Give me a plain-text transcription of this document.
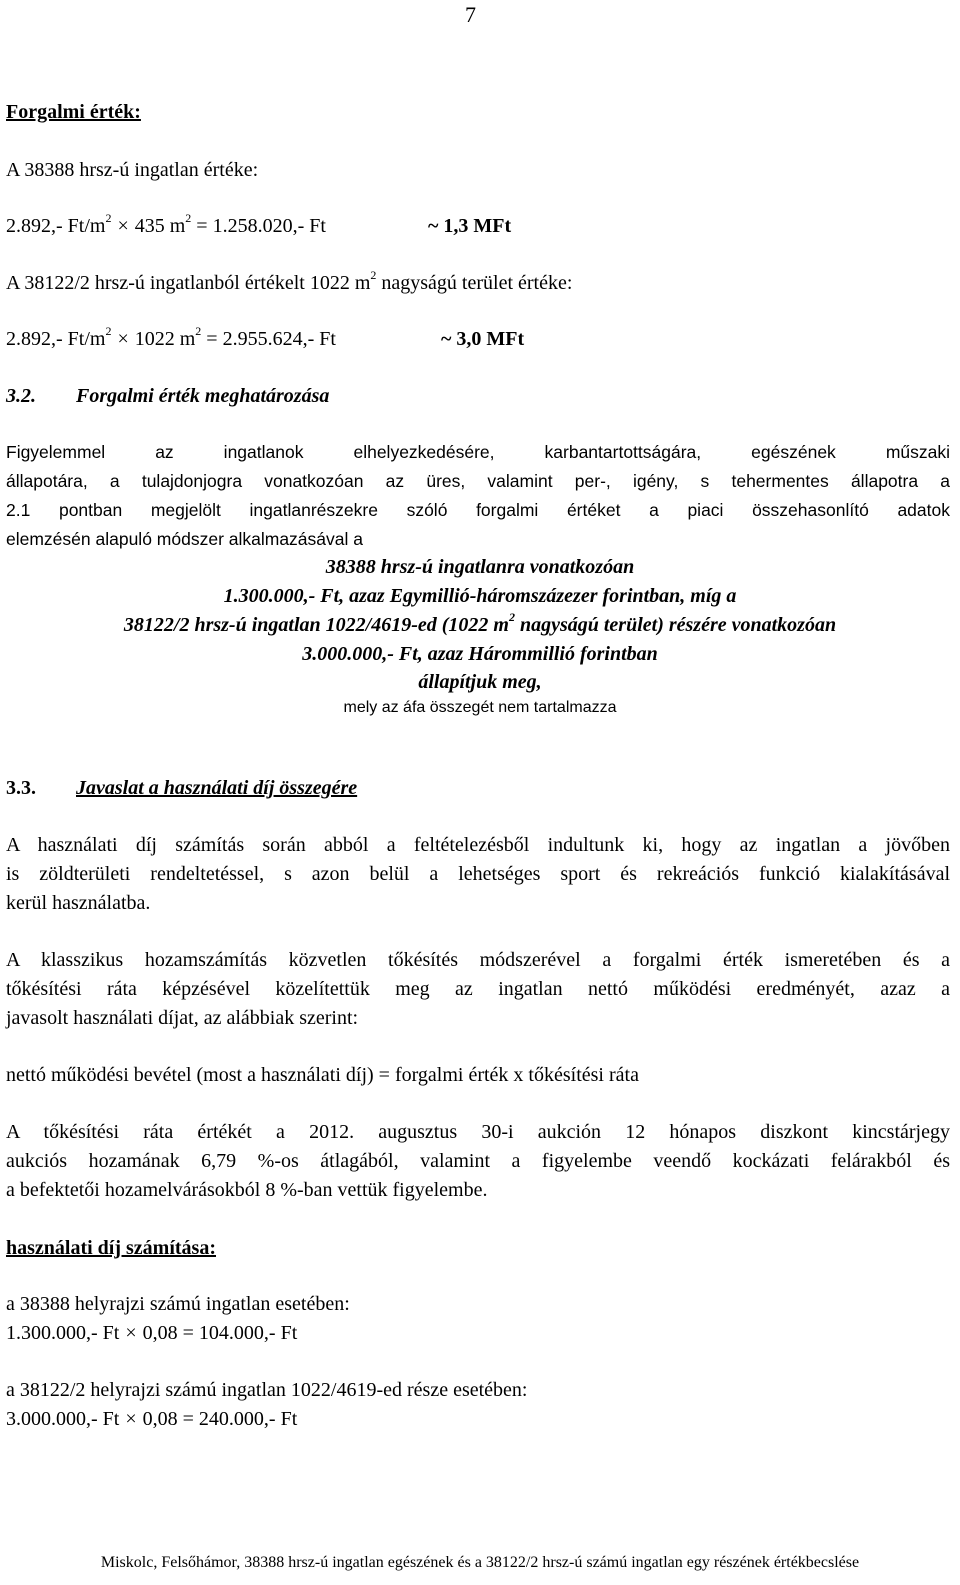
7
Forgalmi érték:
A 38388 hrsz-ú ingatlan értéke:
2.892,- $Ft/m^2 \times 435$ $m^2 = 1.258.020,-$ Ft	~ 1,3 MFt
A 38122/2 hrsz-ú ingatlanból értékelt 1022 $m^2$ nagyságú terület értéke:
2.892,- $Ft/m^2 \times 1022$ $m^2 = 2.955.624,-$ Ft	~ 3,0 MFt
3.2. Forgalmi érték meghatározása
Figyelemmel az ingatlanok elhelyezkedésére, karbantartottságára, egészének műszaki
állapotára, a tulajdonjogra vonatkozóan az üres, valamint per-, igény, s tehermentes állapotra a
2.1 pontban megjelölt ingatlanrészekre szóló forgalmi értéket a piaci összehasonlító adatok
elemzésén alapuló módszer alkalmazásával a
38388 hrsz-ú ingatlanra vonatkozóan
1.300.000,- Ft, azaz Egymillió-háromszázezer forintban, míg a
38122/2 hrsz-ú ingatlan 1022/4619-ed (1022 $m^2$ nagyságú terület) részére vonatkozóan
3.000.000,- Ft, azaz Hárommillió forintban
állapítjuk meg,
mely az áfa összegét nem tartalmazza
3.3. Javaslat a használati díj összegére
A használati díj számítás során abból a feltételezésből indultunk ki, hogy az ingatlan a jövőben
is zöldterületi rendeltetéssel, s azon belül a lehetséges sport és rekreációs funkció kialakításával
kerül használatba.
A klasszikus hozamszámítás közvetlen tőkésítés módszerével a forgalmi érték ismeretében és a
tőkésítési ráta képzésével közelítettük meg az ingatlan nettó működési eredményét, azaz a
javasolt használati díjat, az alábbiak szerint:
nettó működési bevétel (most a használati díj) = forgalmi érték x tőkésítési ráta
A tőkésítési ráta értékét a 2012. augusztus 30-i aukción 12 hónapos diszkont kincstárjegy
aukciós hozamának 6,79 %-os átlagából, valamint a figyelembe veendő kockázati felárakból és
a befektetői hozamelvárásokból 8 %-ban vettük figyelembe.
használati díj számítása:
a 38388 helyrajzi számú ingatlan esetében:
1.300.000,- Ft × 0,08 = 104.000,- Ft
a 38122/2 helyrajzi számú ingatlan 1022/4619-ed része esetében:
3.000.000,- Ft × 0,08 = 240.000,- Ft
Miskolc, Felsőhámor, 38388 hrsz-ú ingatlan egészének és a 38122/2 hrsz-ú számú ingatlan egy részének értékbecslése
